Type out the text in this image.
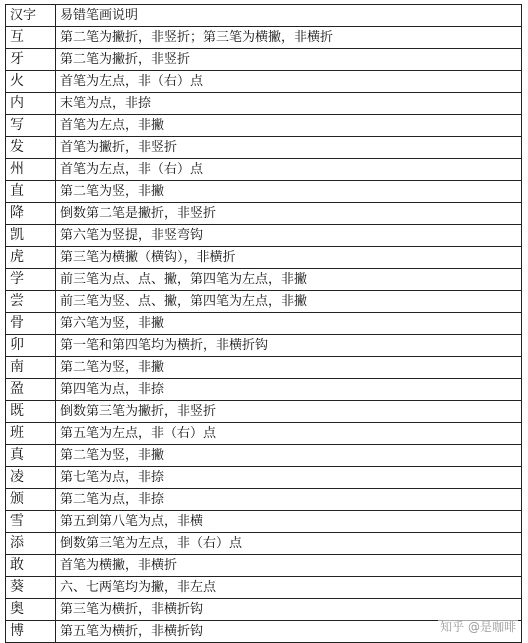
汉字	易错笔画说明
互	第二笔为撇折，非竖折；第三笔为横撇，非横折
牙	第二笔为撇折，非竖折
火	首笔为左点，非（右）点
内	末笔为点，非捺
写	首笔为左点，非撇
发	首笔为撇折，非竖折
州	首笔为左点，非（右）点
直	第二笔为竖，非撇
降	倒数第二笔是撇折，非竖折
凯	第六笔为竖提，非竖弯钩
虎	第三笔为横撇（横钩），非横折
学	前三笔为点、点、撇，第四笔为左点，非撇
尝	前三笔为竖、点、撇，第四笔为左点，非撇
骨	第六笔为竖，非撇
卯	第一笔和第四笔均为横折，非横折钩
南	第二笔为竖，非撇
盈	第四笔为点，非捺
既	倒数第三笔为撇折，非竖折
班	第五笔为左点，非（右）点
真	第二笔为竖，非撇
凌	第七笔为点，非捺
颁	第二笔为点，非捺
雪	第五到第八笔为点，非横
添	倒数第三笔为左点，非（右）点
敢	首笔为横撇，非横折
葵	六、七两笔均为撇，非左点
奥	第三笔为横折，非横折钩
博	第五笔为横折，非横折钩	知乎 @是咖啡
